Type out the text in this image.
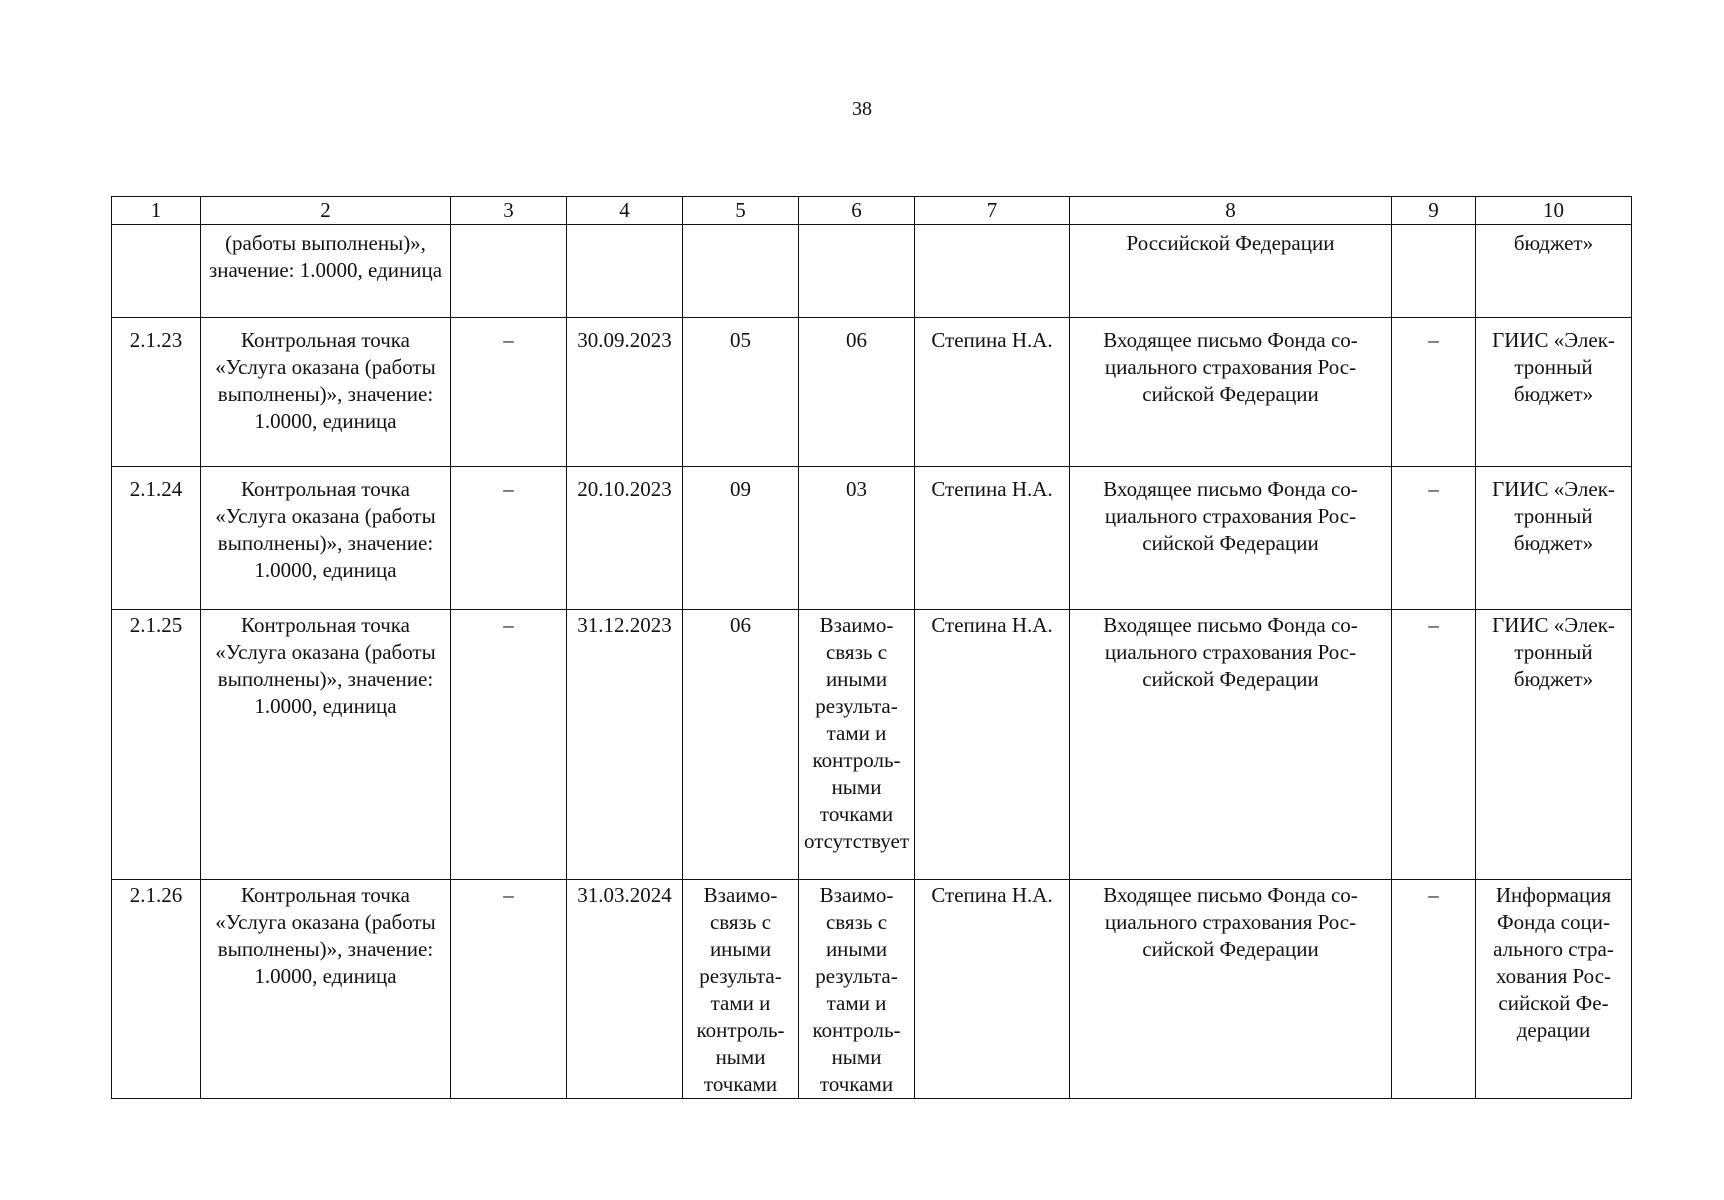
38
1	2	3	4	5	6	7	8	9	10
	(работы выполнены)», значение: 1.0000, единица						Российской Федерации		бюджет»
2.1.23	Контрольная точка «Услуга оказана (работы выполнены)», значение: 1.0000, единица	–	30.09.2023	05	06	Степина Н.А.	Входящее письмо Фонда социального страхования Российской Федерации	–	ГИИС «Электронный бюджет»
2.1.24	Контрольная точка «Услуга оказана (работы выполнены)», значение: 1.0000, единица	–	20.10.2023	09	03	Степина Н.А.	Входящее письмо Фонда социального страхования Российской Федерации	–	ГИИС «Электронный бюджет»
2.1.25	Контрольная точка «Услуга оказана (работы выполнены)», значение: 1.0000, единица	–	31.12.2023	06	Взаимосвязь с иными результатами и контрольными точками отсутствует	Степина Н.А.	Входящее письмо Фонда социального страхования Российской Федерации	–	ГИИС «Электронный бюджет»
2.1.26	Контрольная точка «Услуга оказана (работы выполнены)», значение: 1.0000, единица	–	31.03.2024	Взаимосвязь с иными результатами и контрольными точками	Взаимосвязь с иными результатами и контрольными точками	Степина Н.А.	Входящее письмо Фонда социального страхования Российской Федерации	–	Информация Фонда социального страхования Российской Федерации
